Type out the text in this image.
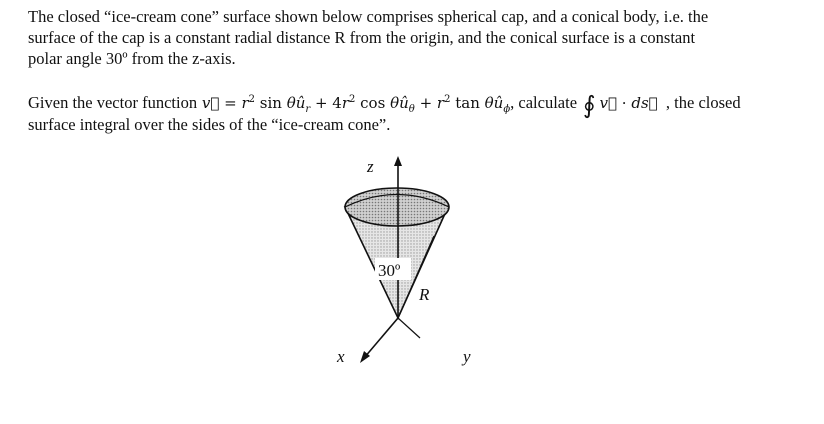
The closed “ice-cream cone” surface shown below comprises spherical cap, and a conical body, i.e. the
surface of the cap is a constant radial distance R from the origin, and the conical surface is a constant
polar angle 30º from the z-axis.
Given the vector function v⃗ = $r^2$ $\sin \theta û_r + 4r^2$ $\cos \theta û_\theta + r^2$ $\tan \theta û_\phi$, calculate ∮ v⃗ · ds⃗ , the closed
surface integral over the sides of the “ice-cream cone”.
z
x	y
30º
R
